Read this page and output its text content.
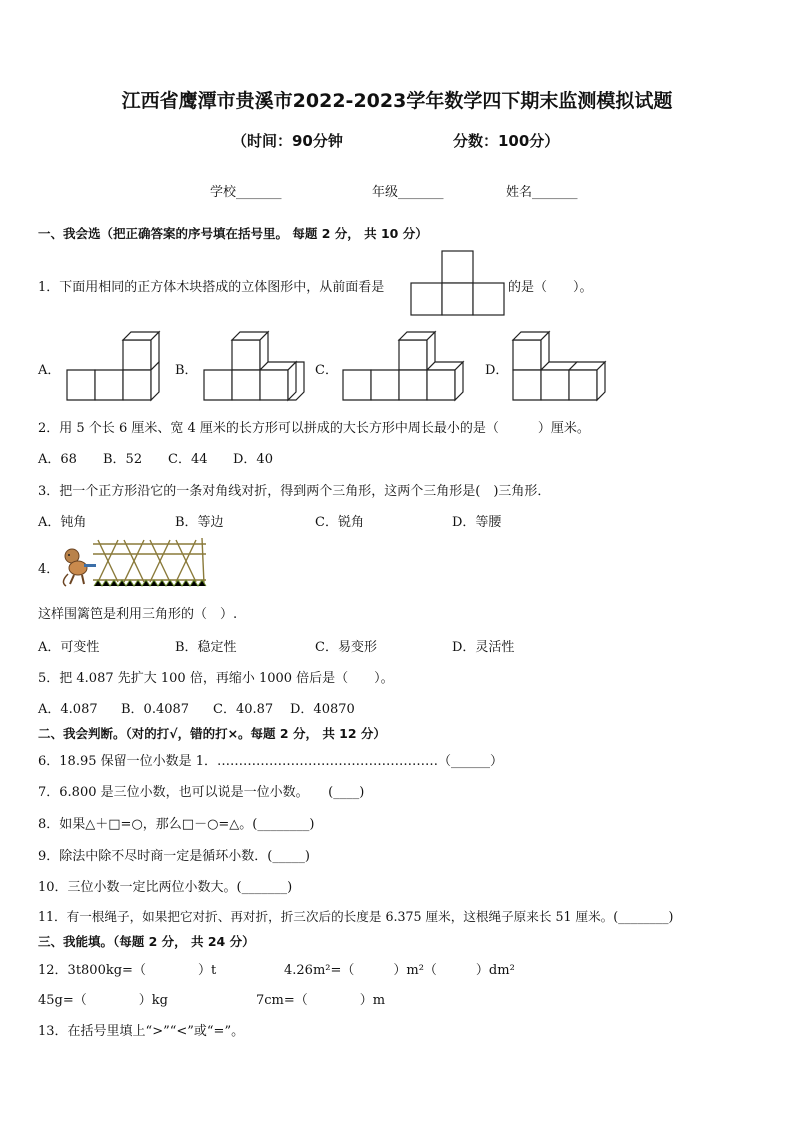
江西省鹰潭市贵溪市2022-2023学年数学四下期末监测模拟试题
（时间：90分钟	分数：100分）
学校_______	年级_______	姓名_______
一、我会选（把正确答案的序号填在括号里。 每题 2 分， 共 10 分）
1．下面用相同的正方体木块搭成的立体图形中，从前面看是	的是（　　）。
A．	B．	C．	D．
2．用 5 个长 6 厘米、宽 4 厘米的长方形可以拼成的大长方形中周长最小的是（　　　）厘米。
A．68 B．52 C．44 D．40
3．把一个正方形沿它的一条对角线对折，得到两个三角形，这两个三角形是(　)三角形．
A．钝角	B．等边	C．锐角	D．等腰
4．
这样围篱笆是利用三角形的（　）.
A．可变性	B．稳定性	C．易变形	D．灵活性
5．把 4.087 先扩大 100 倍，再缩小 1000 倍后是（　　）。
A．4.087 B．0.4087 C．40.87 D．40870
二、我会判断。（对的打√，错的打×。每题 2 分， 共 12 分）
6．18.95 保留一位小数是 1．……………………………………………（______）
7．6.800 是三位小数，也可以说是一位小数。　　(____)
8．如果△＋□=○，那么□－○=△。(________)
9．除法中除不尽时商一定是循环小数．(_____)
10．三位小数一定比两位小数大。(_______)
11．有一根绳子，如果把它对折、再对折，折三次后的长度是 6.375 厘米，这根绳子原来长 51 厘米。(________)
三、我能填。（每题 2 分， 共 24 分）
12．3t800kg=（　　　　）t	4.26m²=（　　　）m²（　　　）dm²
45g=（　　　　）kg	7cm=（　　　　）m
13．在括号里填上“>”“<”或“=”。
